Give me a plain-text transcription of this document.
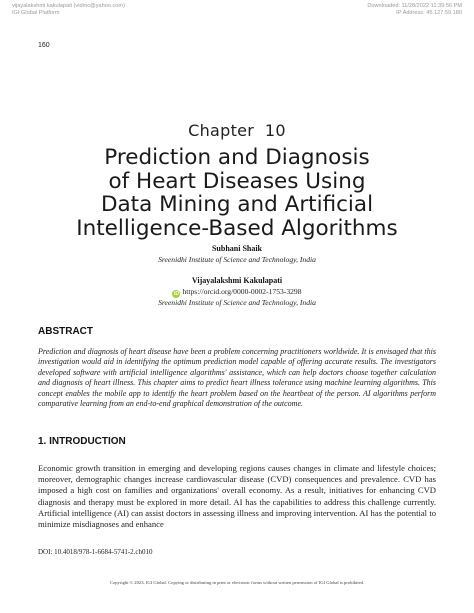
vijayalakshmi kakulapati (vidmc@yahoo.com)
IGI Global Platform
Downloaded: 11/28/2022 11:39:56 PM
IP Address: 45.127.59.180
160
Chapter  10
Prediction and Diagnosis
of Heart Diseases Using
Data Mining and Artificial
Intelligence-Based Algorithms
Subhani Shaik
Sreenidhi Institute of Science and Technology, India
Vijayalakshmi Kakulapati
iD https://orcid.org/0000-0002-1753-3298
Sreenidhi Institute of Science and Technology, India
ABSTRACT
Prediction and diagnosis of heart disease have been a problem concerning practitioners worldwide. It is envisaged that this investigation would aid in identifying the optimum prediction model capable of offering accurate results. The investigators developed software with artificial intelligence algorithms' assistance, which can help doctors choose together calculation and diagnosis of heart illness. This chapter aims to predict heart illness tolerance using machine learning algorithms. This concept enables the mobile app to identify the heart problem based on the heartbeat of the person. AI algorithms perform comparative learning from an end-to-end graphical demonstration of the outcome.
1. INTRODUCTION
Economic growth transition in emerging and developing regions causes changes in climate and lifestyle choices; moreover, demographic changes increase cardiovascular disease (CVD) consequences and prevalence. CVD has imposed a high cost on families and organizations' overall economy. As a result, initiatives for enhancing CVD diagnosis and therapy must be explored in more detail. AI has the capabilities to address this challenge currently. Artificial intelligence (AI) can assist doctors in assessing illness and improving intervention. AI has the potential to minimize misdiagnoses and enhance
DOI: 10.4018/978-1-6684-5741-2.ch010
Copyright © 2023, IGI Global. Copying or distributing in print or electronic forms without written permission of IGI Global is prohibited.
